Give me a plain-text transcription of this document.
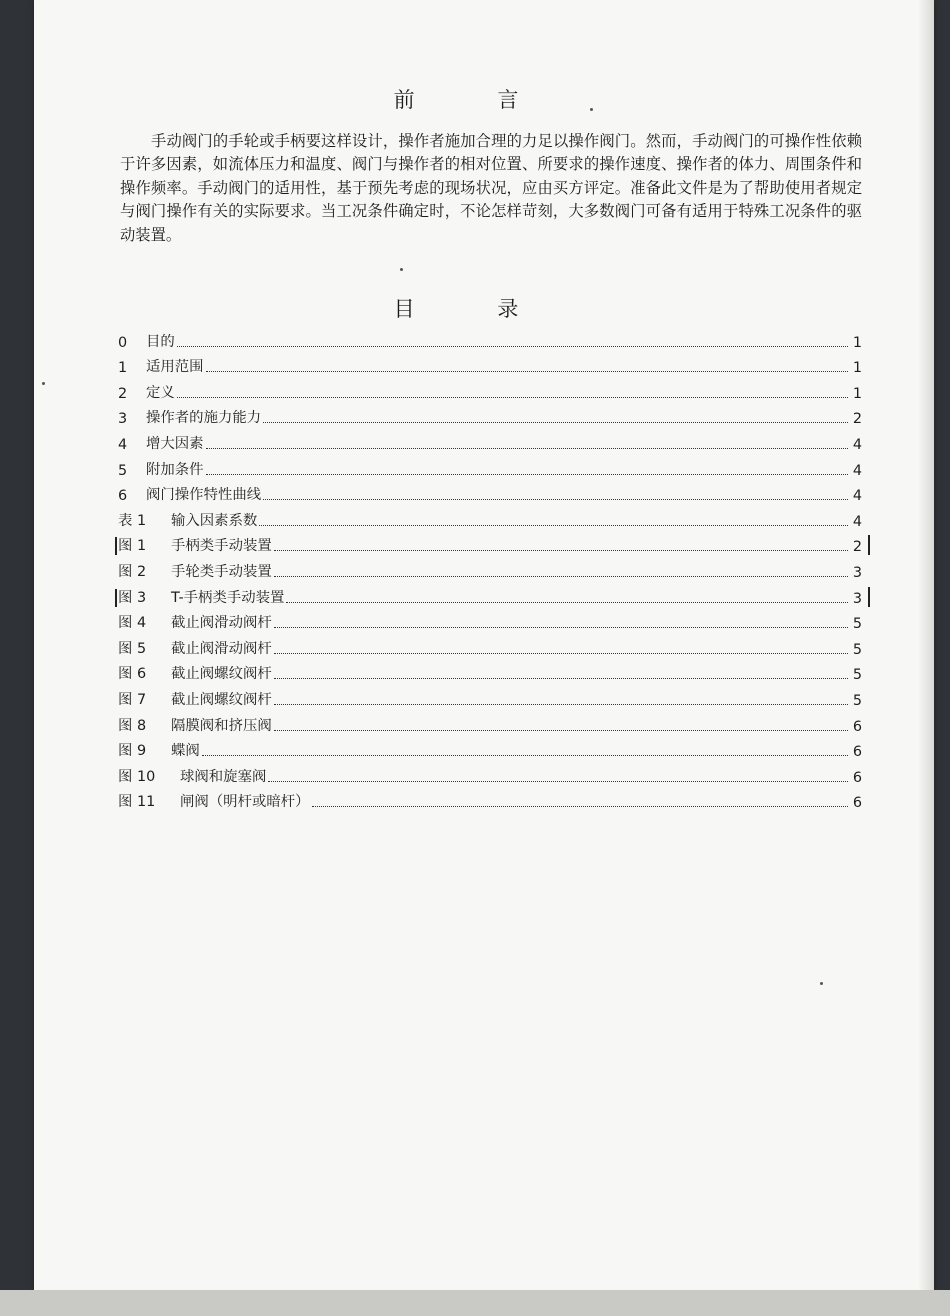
前 言

手动阀门的手轮或手柄要这样设计，操作者施加合理的力足以操作阀门。然而，手动阀门的可操作性依赖于许多因素，如流体压力和温度、阀门与操作者的相对位置、所要求的操作速度、操作者的体力、周围条件和操作频率。手动阀门的适用性，基于预先考虑的现场状况，应由买方评定。准备此文件是为了帮助使用者规定与阀门操作有关的实际要求。当工况条件确定时，不论怎样苛刻，大多数阀门可备有适用于特殊工况条件的驱动装置。

目 录
0	目的	1
1	适用范围	1
2	定义	1
3	操作者的施力能力	2
4	增大因素	4
5	附加条件	4
6	阀门操作特性曲线	4
表 1	输入因素系数	4
图 1	手柄类手动装置	2
图 2	手轮类手动装置	3
图 3	T-手柄类手动装置	3
图 4	截止阀滑动阀杆	5
图 5	截止阀滑动阀杆	5
图 6	截止阀螺纹阀杆	5
图 7	截止阀螺纹阀杆	5
图 8	隔膜阀和挤压阀	6
图 9	蝶阀	6
图 10	球阀和旋塞阀	6
图 11	闸阀（明杆或暗杆）	6
